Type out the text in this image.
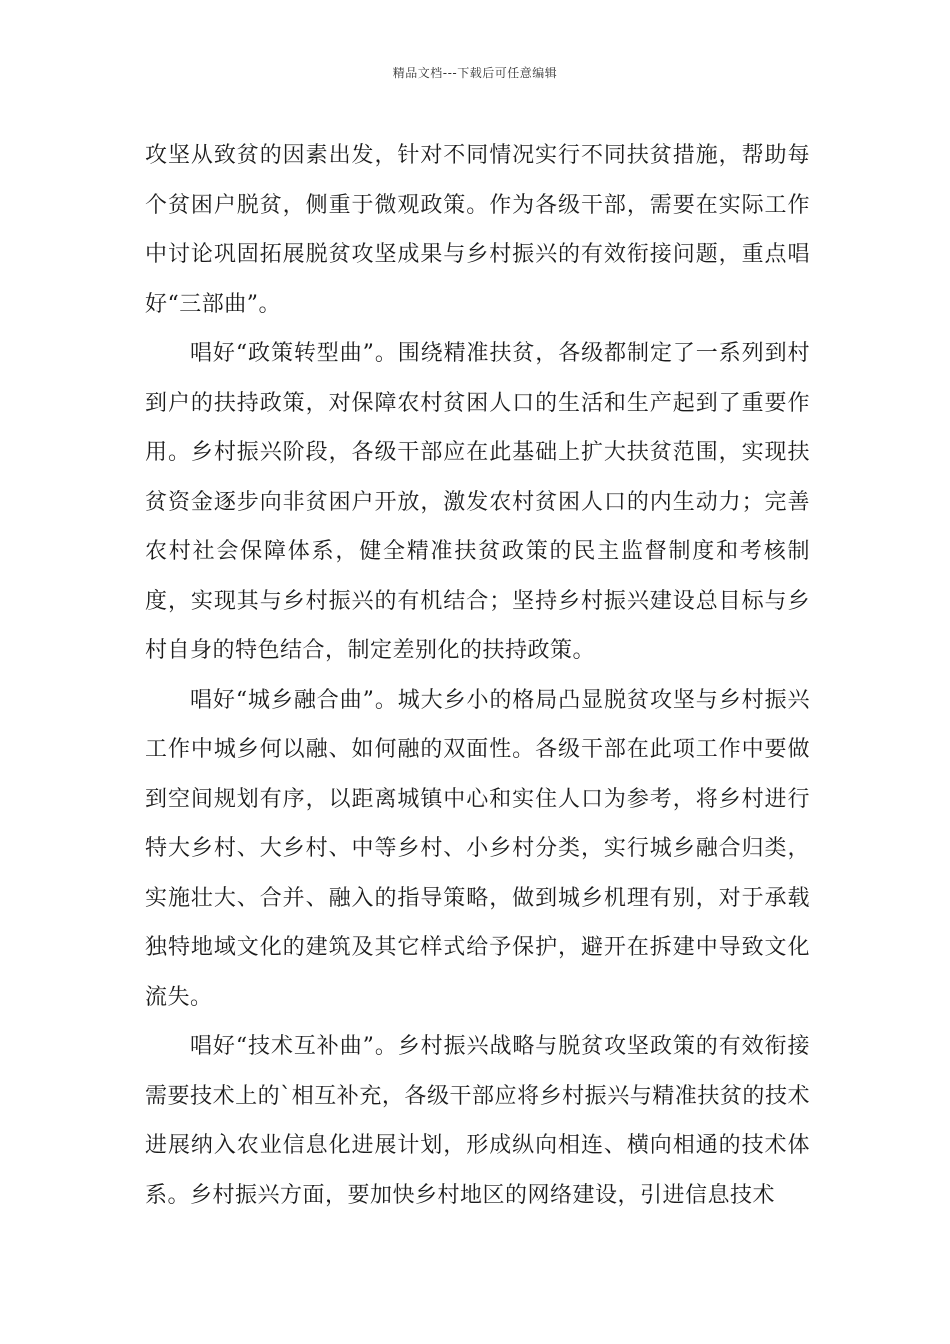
精品文档---下载后可任意编辑

攻坚从致贫的因素出发，针对不同情况实行不同扶贫措施，帮助每个贫困户脱贫，侧重于微观政策。作为各级干部，需要在实际工作中讨论巩固拓展脱贫攻坚成果与乡村振兴的有效衔接问题，重点唱好“三部曲”。

唱好“政策转型曲”。围绕精准扶贫，各级都制定了一系列到村到户的扶持政策，对保障农村贫困人口的生活和生产起到了重要作用。乡村振兴阶段，各级干部应在此基础上扩大扶贫范围，实现扶贫资金逐步向非贫困户开放，激发农村贫困人口的内生动力；完善农村社会保障体系，健全精准扶贫政策的民主监督制度和考核制度，实现其与乡村振兴的有机结合；坚持乡村振兴建设总目标与乡村自身的特色结合，制定差别化的扶持政策。

唱好“城乡融合曲”。城大乡小的格局凸显脱贫攻坚与乡村振兴工作中城乡何以融、如何融的双面性。各级干部在此项工作中要做到空间规划有序，以距离城镇中心和实住人口为参考，将乡村进行特大乡村、大乡村、中等乡村、小乡村分类，实行城乡融合归类，实施壮大、合并、融入的指导策略，做到城乡机理有别，对于承载独特地域文化的建筑及其它样式给予保护，避开在拆建中导致文化流失。

唱好“技术互补曲”。乡村振兴战略与脱贫攻坚政策的有效衔接需要技术上的`相互补充，各级干部应将乡村振兴与精准扶贫的技术进展纳入农业信息化进展计划，形成纵向相连、横向相通的技术体系。乡村振兴方面，要加快乡村地区的网络建设，引进信息技术
